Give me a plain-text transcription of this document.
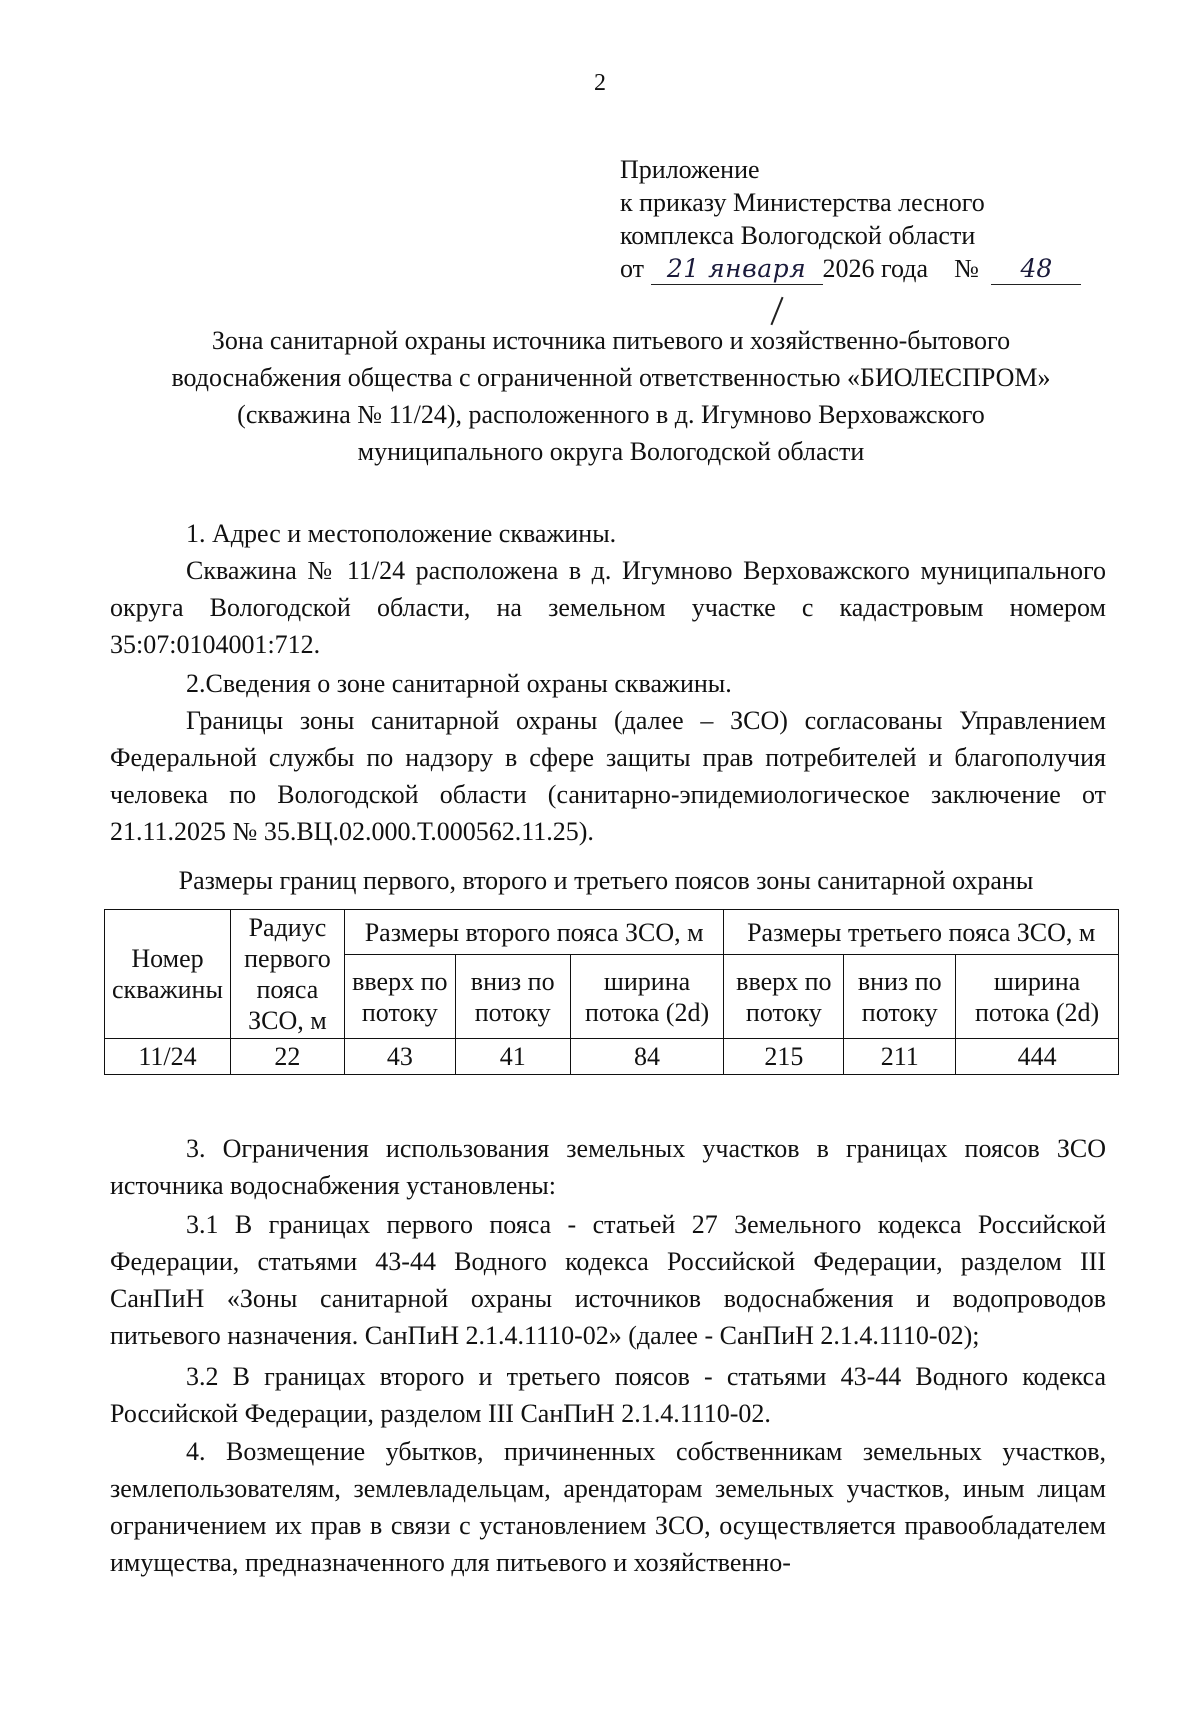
2
Приложение
к приказу Министерства лесного
комплекса Вологодской области
от 21 января 2026 года № 48
Зона санитарной охраны источника питьевого и хозяйственно-бытового
водоснабжения общества с ограниченной ответственностью «БИОЛЕСПРОМ»
(скважина № 11/24), расположенного в д. Игумново Верховажского
муниципального округа Вологодской области
1. Адрес и местоположение скважины.
Скважина № 11/24 расположена в д. Игумново Верховажского муниципального округа Вологодской области, на земельном участке с кадастровым номером 35:07:0104001:712.
2.Сведения о зоне санитарной охраны скважины.
Границы зоны санитарной охраны (далее – ЗСО) согласованы Управлением Федеральной службы по надзору в сфере защиты прав потребителей и благополучия человека по Вологодской области (санитарно-эпидемиологическое заключение от 21.11.2025 № 35.ВЦ.02.000.Т.000562.11.25).
Размеры границ первого, второго и третьего поясов зоны санитарной охраны
Номер скважины	Радиус первого пояса ЗСО, м	Размеры второго пояса ЗСО, м			Размеры третьего пояса ЗСО, м		
		вверх по потоку	вниз по потоку	ширина потока (2d)	вверх по потоку	вниз по потоку	ширина потока (2d)
11/24	22	43	41	84	215	211	444
3. Ограничения использования земельных участков в границах поясов ЗСО источника водоснабжения установлены:
3.1 В границах первого пояса - статьей 27 Земельного кодекса Российской Федерации, статьями 43-44 Водного кодекса Российской Федерации, разделом III СанПиН «Зоны санитарной охраны источников водоснабжения и водопроводов питьевого назначения. СанПиН 2.1.4.1110-02» (далее - СанПиН 2.1.4.1110-02);
3.2 В границах второго и третьего поясов - статьями 43-44 Водного кодекса Российской Федерации, разделом III СанПиН 2.1.4.1110-02.
4. Возмещение убытков, причиненных собственникам земельных участков, землепользователям, землевладельцам, арендаторам земельных участков, иным лицам ограничением их прав в связи с установлением ЗСО, осуществляется правообладателем имущества, предназначенного для питьевого и хозяйственно-
